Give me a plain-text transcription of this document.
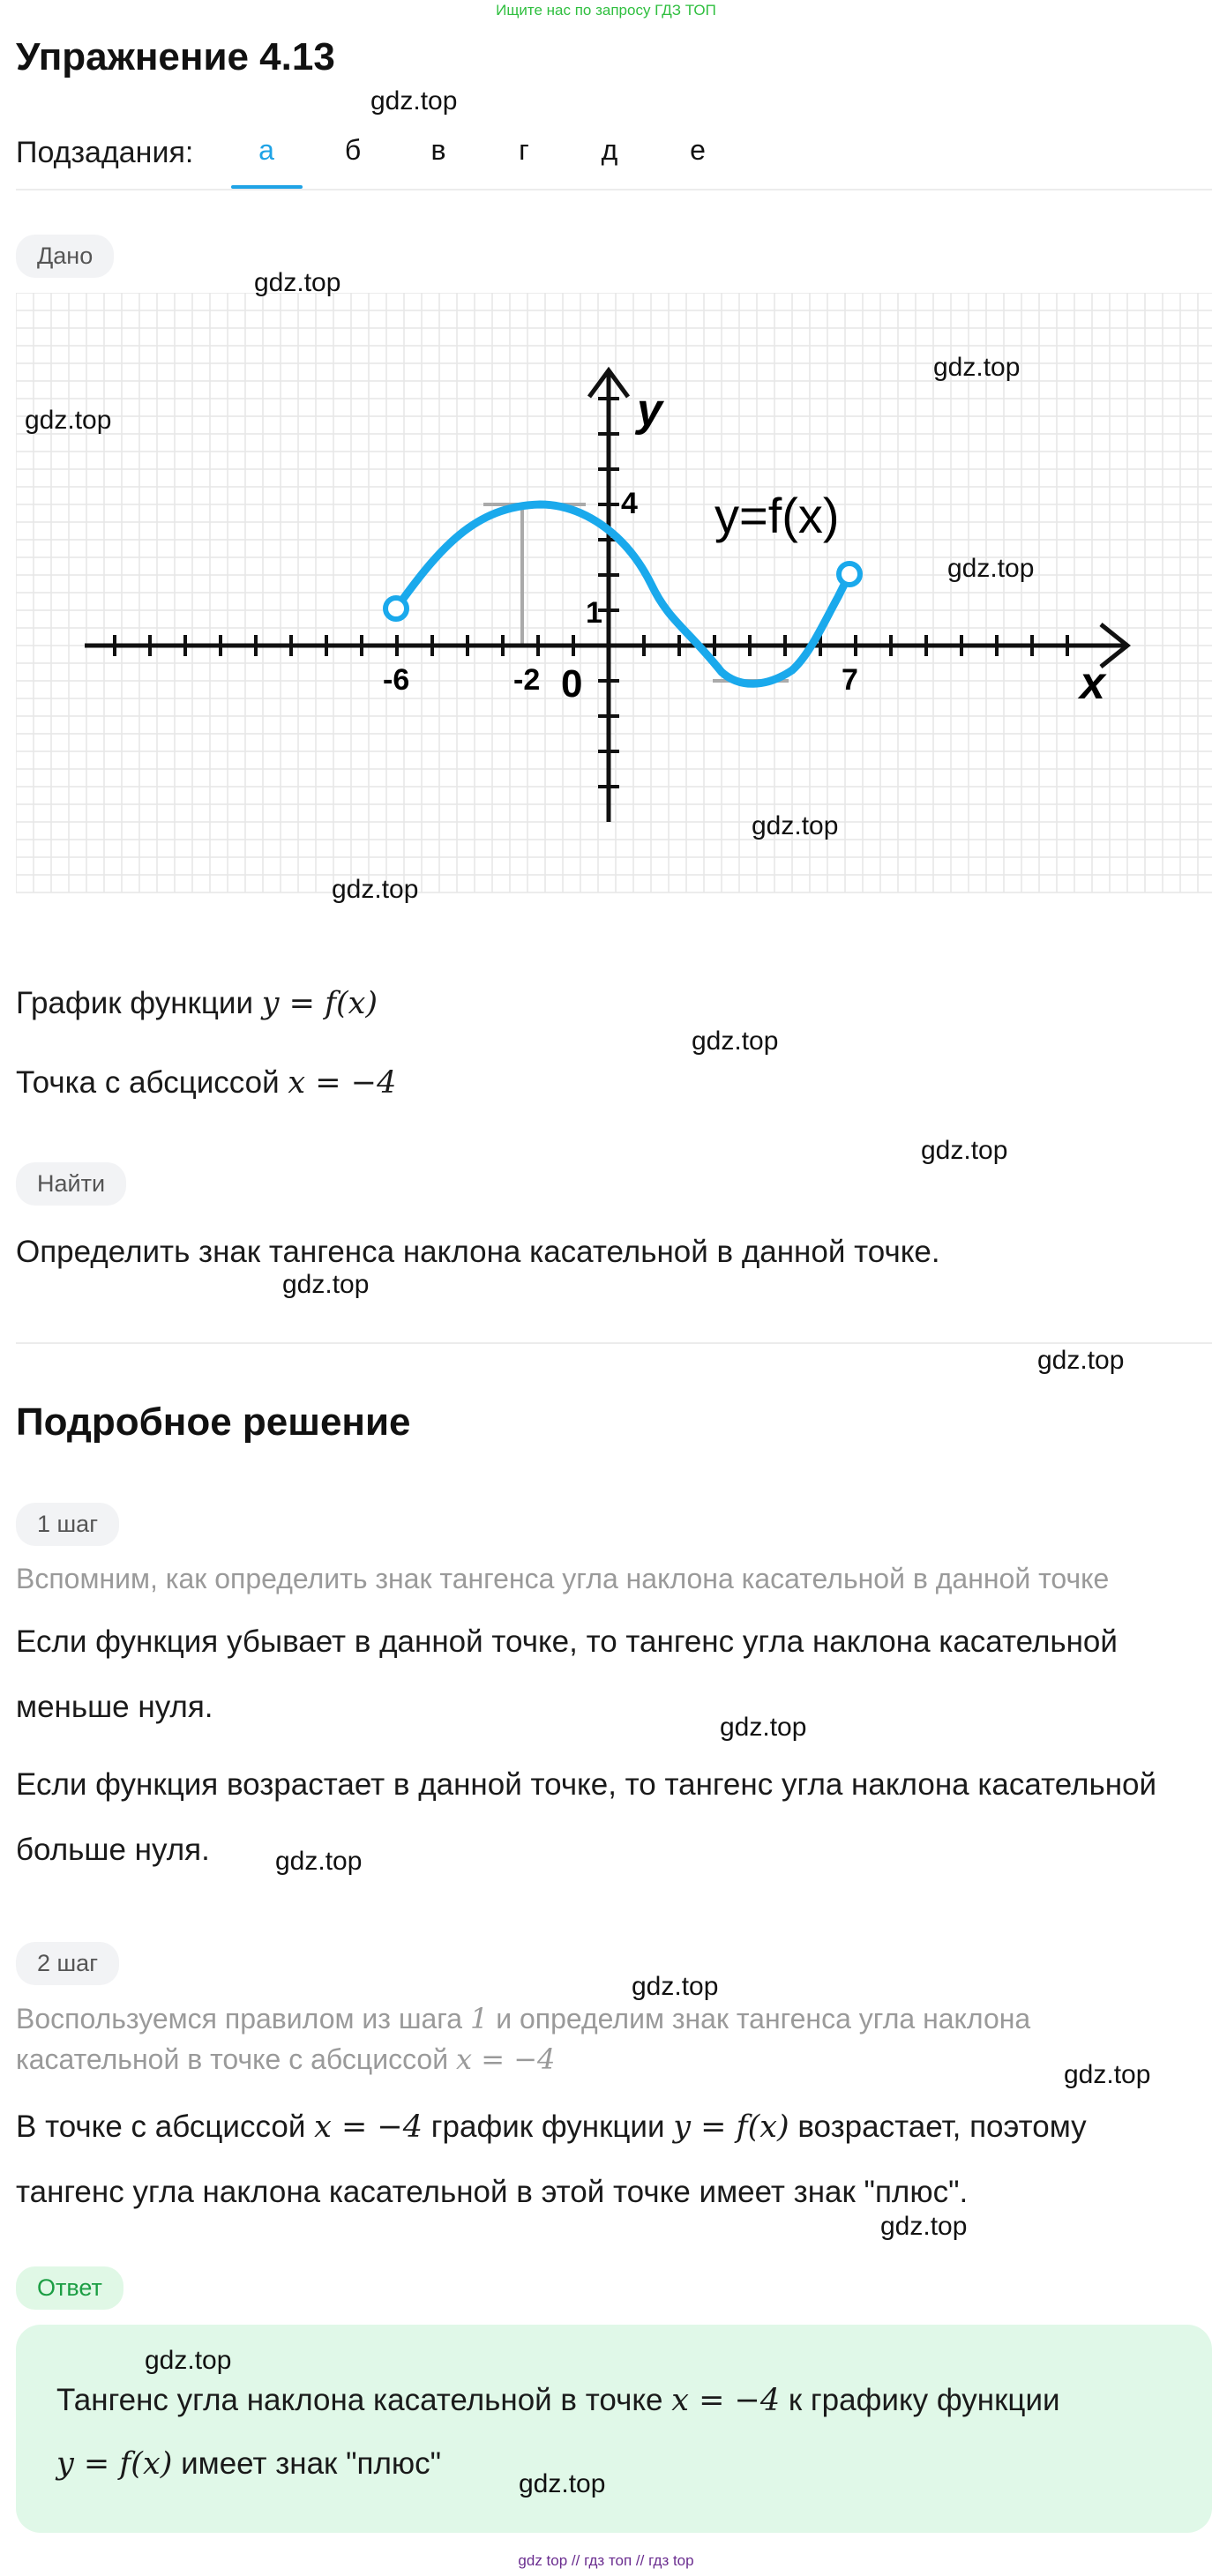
Ищите нас по запросу ГДЗ ТОП
Упражнение 4.13
Подзадания:	а	б	в	г	д	е
Дано
y
x
y=f(x)
-6	-2 0	7
4
1
График функции y = f(x)
Точка с абсциссой x = −4
Найти
Определить знак тангенса наклона касательной в данной точке.
Подробное решение
1 шаг
Вспомним, как определить знак тангенса угла наклона касательной в данной точке
Если функция убывает в данной точке, то тангенс угла наклона касательной
меньше нуля.
Если функция возрастает в данной точке, то тангенс угла наклона касательной
больше нуля.
2 шаг
Воспользуемся правилом из шага 1 и определим знак тангенса угла наклона
касательной в точке с абсциссой x = −4
В точке с абсциссой x = −4 график функции y = f(x) возрастает, поэтому
тангенс угла наклона касательной в этой точке имеет знак "плюс".
Ответ
Тангенс угла наклона касательной в точке x = −4 к графику функции
y = f(x) имеет знак "плюс"
gdz.top
gdz.top
gdz.top
gdz.top
gdz.top
gdz.top
gdz.top
gdz.top
gdz.top
gdz.top
gdz.top
gdz.top
gdz.top
gdz.top
gdz.top
gdz.top
gdz.top
gdz.top
gdz top // гдз топ // гдз top
